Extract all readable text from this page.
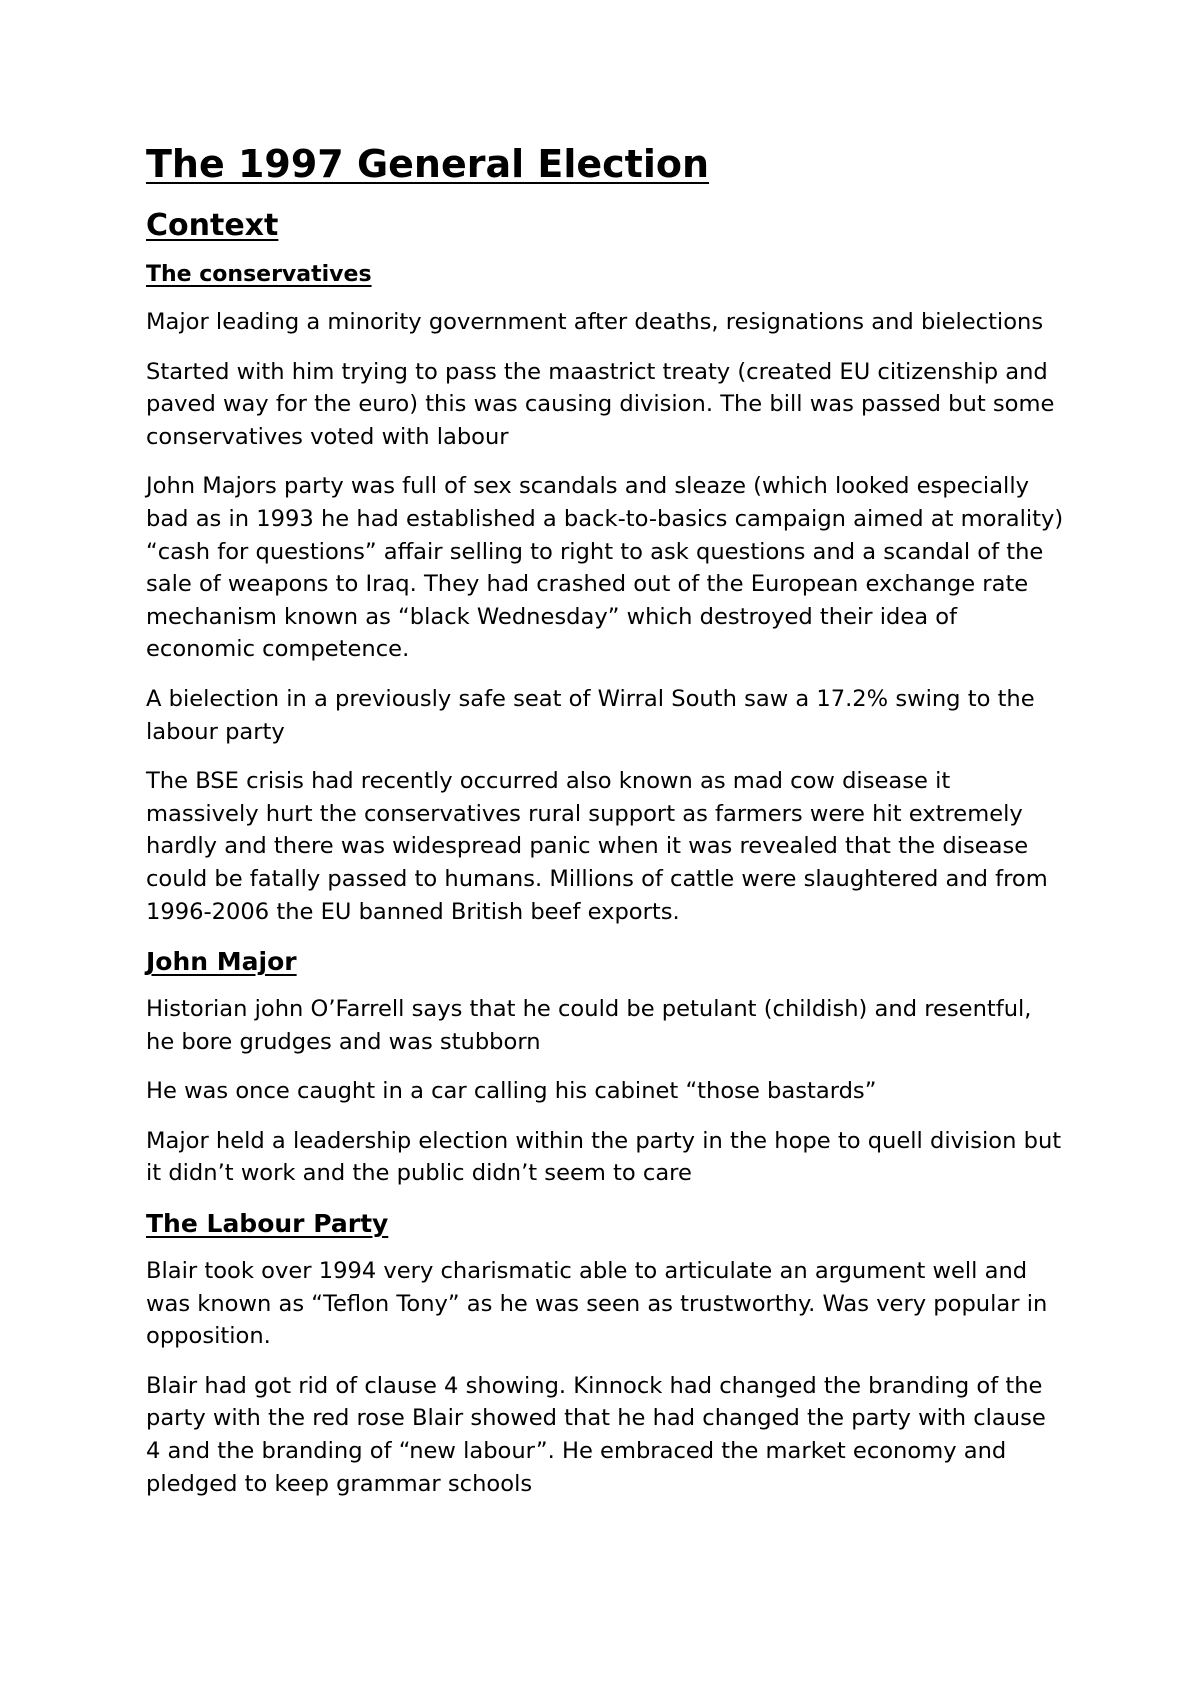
The 1997 General Election
Context
The conservatives

Major leading a minority government after deaths, resignations and bielections

Started with him trying to pass the maastrict treaty (created EU citizenship and paved way for the euro) this was causing division. The bill was passed but some conservatives voted with labour

John Majors party was full of sex scandals and sleaze (which looked especially bad as in 1993 he had established a back-to-basics campaign aimed at morality) “cash for questions” affair selling to right to ask questions and a scandal of the sale of weapons to Iraq. They had crashed out of the European exchange rate mechanism known as “black Wednesday” which destroyed their idea of economic competence.

A bielection in a previously safe seat of Wirral South saw a 17.2% swing to the labour party

The BSE crisis had recently occurred also known as mad cow disease it massively hurt the conservatives rural support as farmers were hit extremely hardly and there was widespread panic when it was revealed that the disease could be fatally passed to humans. Millions of cattle were slaughtered and from 1996-2006 the EU banned British beef exports.

John Major

Historian john O’Farrell says that he could be petulant (childish) and resentful, he bore grudges and was stubborn

He was once caught in a car calling his cabinet “those bastards”

Major held a leadership election within the party in the hope to quell division but it didn’t work and the public didn’t seem to care

The Labour Party

Blair took over 1994 very charismatic able to articulate an argument well and was known as “Teflon Tony” as he was seen as trustworthy. Was very popular in opposition.

Blair had got rid of clause 4 showing. Kinnock had changed the branding of the party with the red rose Blair showed that he had changed the party with clause 4 and the branding of “new labour”. He embraced the market economy and pledged to keep grammar schools
